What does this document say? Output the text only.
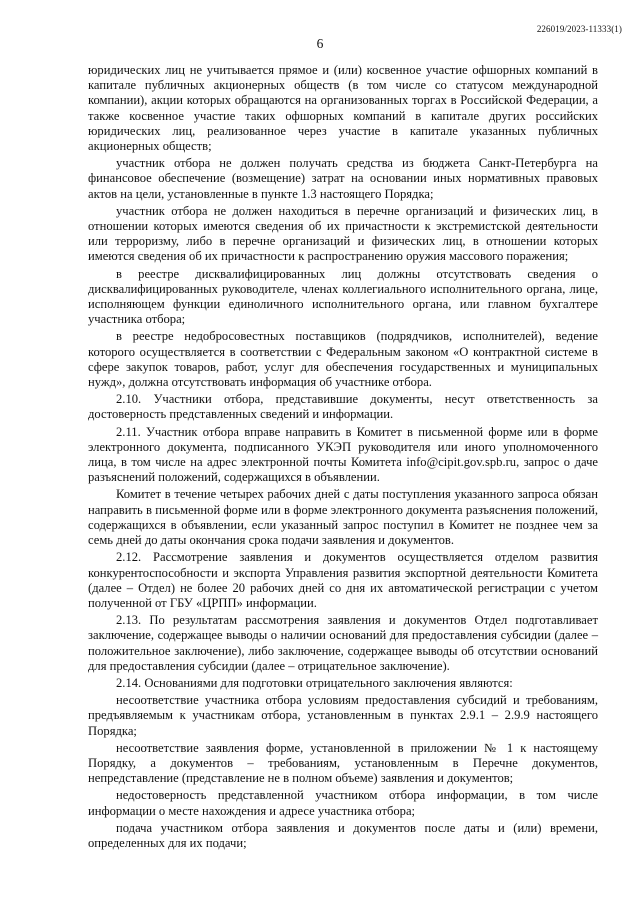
226019/2023-11333(1)
6

юридических лиц не учитывается прямое и (или) косвенное участие офшорных компаний в капитале публичных акционерных обществ (в том числе со статусом международной компании), акции которых обращаются на организованных торгах в Российской Федерации, а также косвенное участие таких офшорных компаний в капитале других российских юридических лиц, реализованное через участие в капитале указанных публичных акционерных обществ;

участник отбора не должен получать средства из бюджета Санкт-Петербурга на финансовое обеспечение (возмещение) затрат на основании иных нормативных правовых актов на цели, установленные в пункте 1.3 настоящего Порядка;

участник отбора не должен находиться в перечне организаций и физических лиц, в отношении которых имеются сведения об их причастности к экстремистской деятельности или терроризму, либо в перечне организаций и физических лиц, в отношении которых имеются сведения об их причастности к распространению оружия массового поражения;

в реестре дисквалифицированных лиц должны отсутствовать сведения о дисквалифицированных руководителе, членах коллегиального исполнительного органа, лице, исполняющем функции единоличного исполнительного органа, или главном бухгалтере участника отбора;

в реестре недобросовестных поставщиков (подрядчиков, исполнителей), ведение которого осуществляется в соответствии с Федеральным законом «О контрактной системе в сфере закупок товаров, работ, услуг для обеспечения государственных и муниципальных нужд», должна отсутствовать информация об участнике отбора.

2.10. Участники отбора, представившие документы, несут ответственность за достоверность представленных сведений и информации.

2.11. Участник отбора вправе направить в Комитет в письменной форме или в форме электронного документа, подписанного УКЭП руководителя или иного уполномоченного лица, в том числе на адрес электронной почты Комитета info@cipit.gov.spb.ru, запрос о даче разъяснений положений, содержащихся в объявлении.

Комитет в течение четырех рабочих дней с даты поступления указанного запроса обязан направить в письменной форме или в форме электронного документа разъяснения положений, содержащихся в объявлении, если указанный запрос поступил в Комитет не позднее чем за семь дней до даты окончания срока подачи заявления и документов.

2.12. Рассмотрение заявления и документов осуществляется отделом развития конкурентоспособности и экспорта Управления развития экспортной деятельности Комитета (далее – Отдел) не более 20 рабочих дней со дня их автоматической регистрации с учетом полученной от ГБУ «ЦРПП» информации.

2.13. По результатам рассмотрения заявления и документов Отдел подготавливает заключение, содержащее выводы о наличии оснований для предоставления субсидии (далее – положительное заключение), либо заключение, содержащее выводы об отсутствии оснований для предоставления субсидии (далее – отрицательное заключение).

2.14. Основаниями для подготовки отрицательного заключения являются:

несоответствие участника отбора условиям предоставления субсидий и требованиям, предъявляемым к участникам отбора, установленным в пунктах 2.9.1 – 2.9.9 настоящего Порядка;

несоответствие заявления форме, установленной в приложении № 1 к настоящему Порядку, а документов – требованиям, установленным в Перечне документов, непредставление (представление не в полном объеме) заявления и документов;

недостоверность представленной участником отбора информации, в том числе информации о месте нахождения и адресе участника отбора;

подача участником отбора заявления и документов после даты и (или) времени, определенных для их подачи;
